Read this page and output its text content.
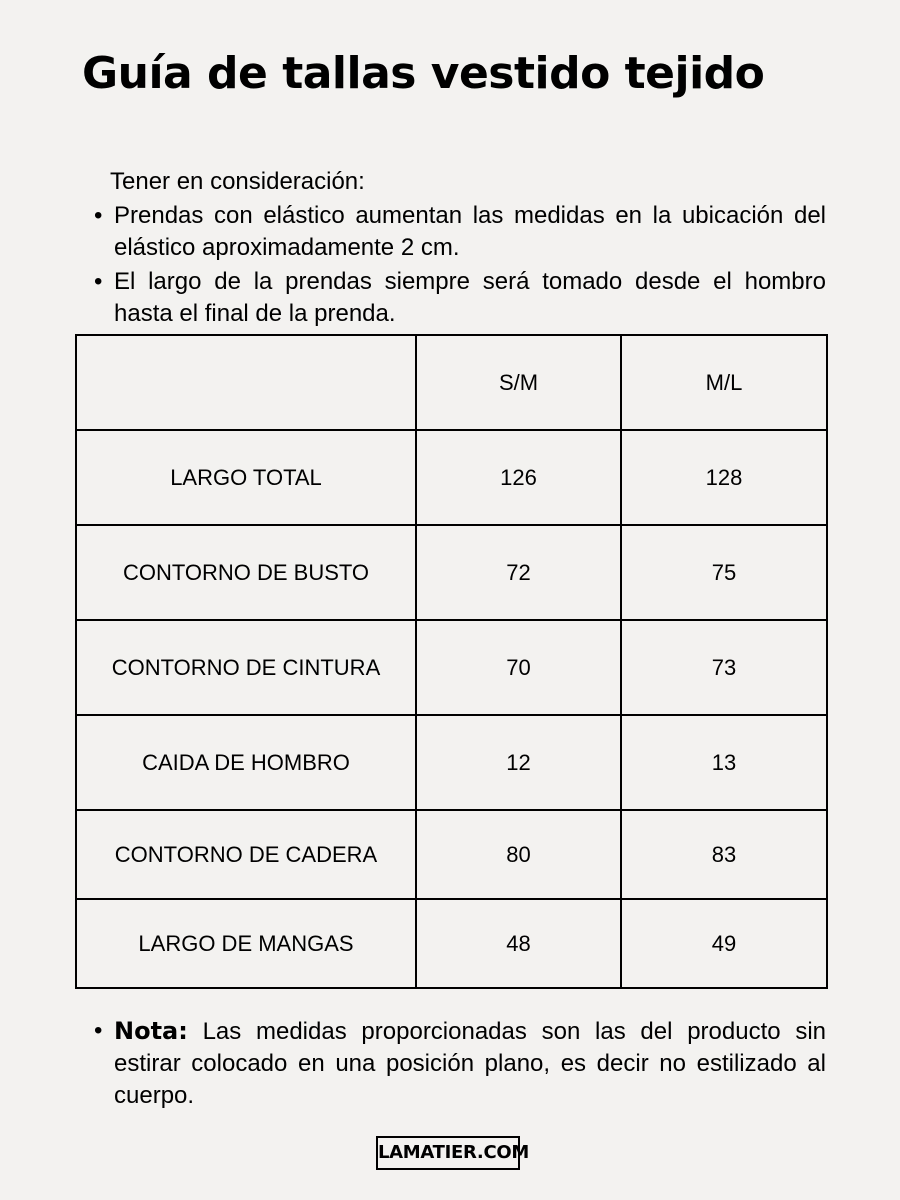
Guía de tallas vestido tejido

Tener en consideración:

• Prendas con elástico aumentan las medidas en la ubicación del elástico aproximadamente 2 cm.
• El largo de la prendas siempre será tomado desde el hombro hasta el final de la prenda.
	S/M	M/L
LARGO TOTAL	126	128
CONTORNO DE BUSTO	72	75
CONTORNO DE CINTURA	70	73
CAIDA DE HOMBRO	12	13
CONTORNO DE CADERA	80	83
LARGO DE MANGAS	48	49
• Nota: Las medidas proporcionadas son las del producto sin estirar colocado en una posición plano, es decir no estilizado al cuerpo.
LAMATIER.COM
